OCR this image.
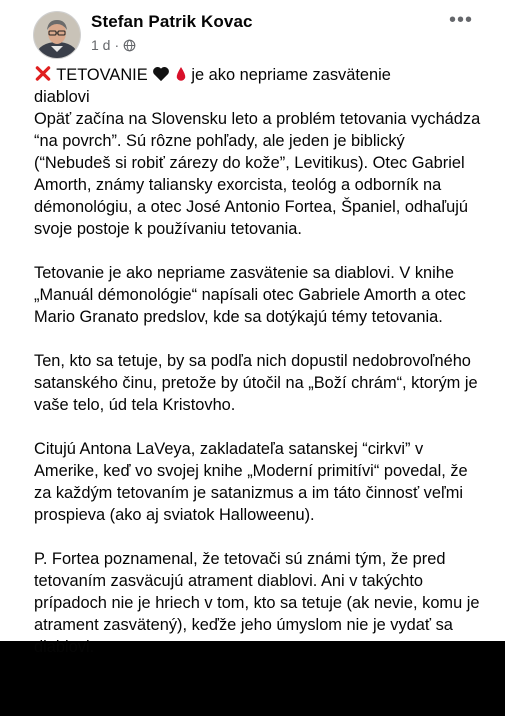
Stefan Patrik Kovac
1 d ·
•••

TETOVANIE	je ako nepriame zasvätenie
diablovi
Opäť začína na Slovensku leto a problém tetovania vychádza “na povrch”. Sú rôzne pohľady, ale jeden je biblický (“Nebudeš si robiť zárezy do kože”, Levitikus). Otec Gabriel Amorth, známy taliansky exorcista, teológ a odborník na démonológiu, a otec José Antonio Fortea, Španiel, odhaľujú svoje postoje k používaniu tetovania.

Tetovanie je ako nepriame zasvätenie sa diablovi. V knihe „Manuál démonológie“ napísali otec Gabriele Amorth a otec Mario Granato predslov, kde sa dotýkajú témy tetovania.

Ten, kto sa tetuje, by sa podľa nich dopustil nedobrovoľného satanského činu, pretože by útočil na „Boží chrám“, ktorým je vaše telo, úd tela Kristovho.

Citujú Antona LaVeya, zakladateľa satanskej “cirkvi” v Amerike, keď vo svojej knihe „Moderní primitívi“ povedal, že za každým tetovaním je satanizmus a im táto činnosť veľmi prospieva (ako aj sviatok Halloweenu).

P. Fortea poznamenal, že tetovači sú známi tým, že pred tetovaním zasväcujú atrament diablovi. Ani v takýchto prípadoch nie je hriech v tom, kto sa tetuje (ak nevie, komu je atrament zasvätený), keďže jeho úmyslom nie je vydať sa diablovi.
